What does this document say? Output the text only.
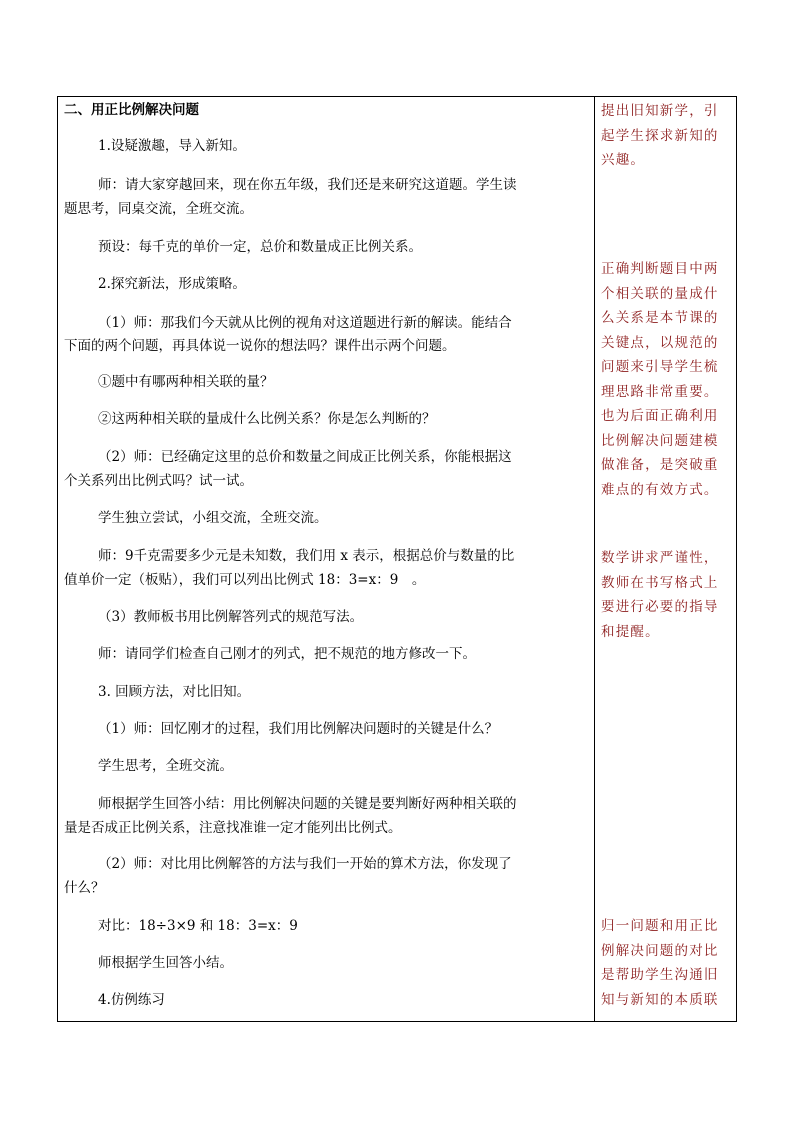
二、用正比例解决问题
1.设疑激趣，导入新知。
师：请大家穿越回来，现在你五年级，我们还是来研究这道题。学生读
题思考，同桌交流，全班交流。
预设：每千克的单价一定，总价和数量成正比例关系。
2.探究新法，形成策略。
（1）师：那我们今天就从比例的视角对这道题进行新的解读。能结合
下面的两个问题，再具体说一说你的想法吗？课件出示两个问题。
①题中有哪两种相关联的量？
②这两种相关联的量成什么比例关系？你是怎么判断的？
（2）师：已经确定这里的总价和数量之间成正比例关系，你能根据这
个关系列出比例式吗？试一试。
学生独立尝试，小组交流，全班交流。
师：9千克需要多少元是未知数，我们用 x 表示，根据总价与数量的比
值单价一定（板贴），我们可以列出比例式 18：3=x：9　。
（3）教师板书用比例解答列式的规范写法。
师：请同学们检查自己刚才的列式，把不规范的地方修改一下。
3. 回顾方法，对比旧知。
（1）师：回忆刚才的过程，我们用比例解决问题时的关键是什么？
学生思考，全班交流。
师根据学生回答小结：用比例解决问题的关键是要判断好两种相关联的
量是否成正比例关系，注意找准谁一定才能列出比例式。
（2）师：对比用比例解答的方法与我们一开始的算术方法，你发现了
什么？
对比：18÷3×9 和 18：3=x：9
师根据学生回答小结。
4.仿例练习
提出旧知新学，引起学生探求新知的兴趣。
正确判断题目中两个相关联的量成什么关系是本节课的关键点，以规范的问题来引导学生梳理思路非常重要。也为后面正确利用比例解决问题建模做准备，是突破重难点的有效方式。
数学讲求严谨性，教师在书写格式上要进行必要的指导和提醒。
归一问题和用正比例解决问题的对比是帮助学生沟通旧知与新知的本质联
